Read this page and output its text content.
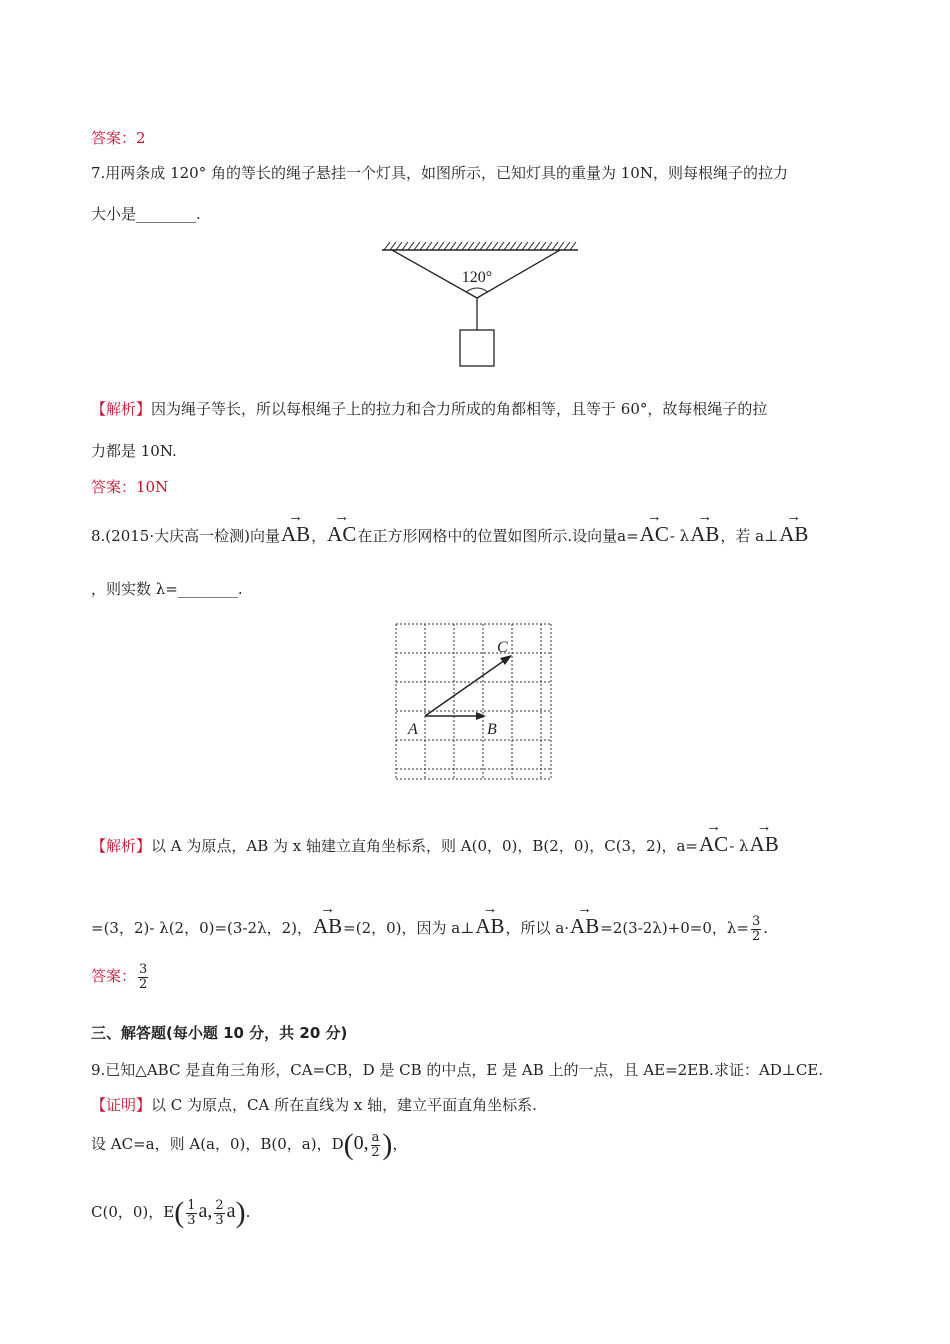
答案：2
7.用两条成 120° 角的等长的绳子悬挂一个灯具，如图所示，已知灯具的重量为 10N，则每根绳子的拉力
大小是________.
120°
【解析】因为绳子等长，所以每根绳子上的拉力和合力所成的角都相等，且等于 60°，故每根绳子的拉
力都是 10N.
答案：10N
8.(2015·大庆高一检测)向量
→
AB，
→
AC在正方形网格中的位置如图所示.设向量a=
→
AC- λ
→
AB，若 a⊥
→
AB
，则实数 λ=________.
A	B
C
【解析】以 A 为原点，AB 为 x 轴建立直角坐标系，则 A(0，0)，B(2，0)，C(3，2)，a=
→
AC- λ
→
AB
=(3，2)- λ(2，0)=(3-2λ，2)，
→
AB=(2，0)，因为 a⊥
→
AB，所以 a·
→
AB=2(3-2λ)+0=0，$\lambda= \frac{3}{2}$ .
答案： $\frac{3}{2}$
三、解答题(每小题 10 分，共 20 分)
9.已知△ABC 是直角三角形，CA=CB，D 是 CB 的中点，E 是 AB 上的一点，且 AE=2EB.求证：AD⊥CE.
【证明】以 C 为原点，CA 所在直线为 x 轴，建立平面直角坐标系.
设 AC=a，则 A(a，0)，B(0，a)，D(0, $\frac{a}{2}$ )，
C(0，0)，$E( \frac{1}{3} a$, $\frac{2}{3} a$).
